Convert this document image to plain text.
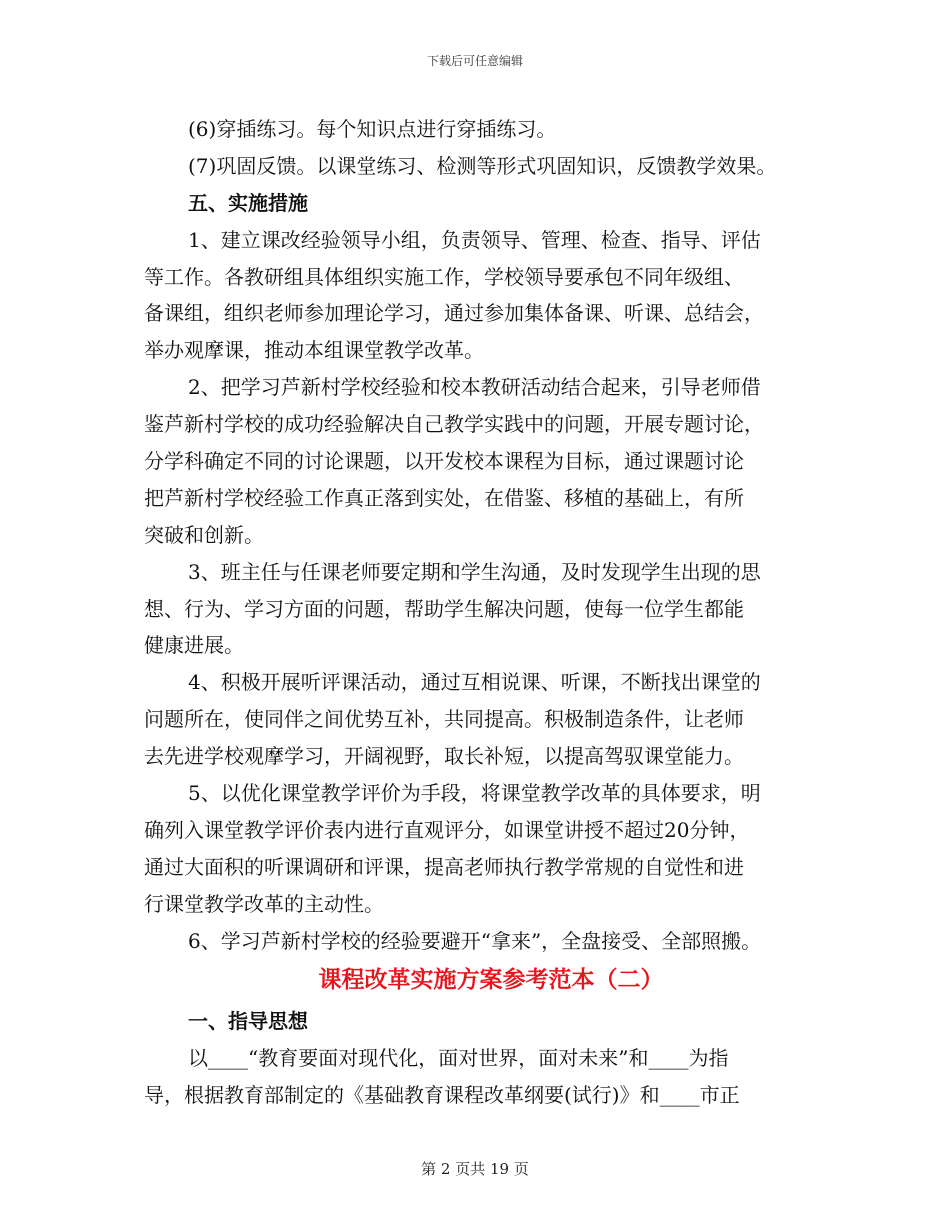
下载后可任意编辑
(6)穿插练习。每个知识点进行穿插练习。
(7)巩固反馈。以课堂练习、检测等形式巩固知识，反馈教学效果。
五、实施措施
1、建立课改经验领导小组，负责领导、管理、检查、指导、评估
等工作。各教研组具体组织实施工作，学校领导要承包不同年级组、
备课组，组织老师参加理论学习，通过参加集体备课、听课、总结会，
举办观摩课，推动本组课堂教学改革。
2、把学习芦新村学校经验和校本教研活动结合起来，引导老师借
鉴芦新村学校的成功经验解决自己教学实践中的问题，开展专题讨论，
分学科确定不同的讨论课题，以开发校本课程为目标，通过课题讨论
把芦新村学校经验工作真正落到实处，在借鉴、移植的基础上，有所
突破和创新。
3、班主任与任课老师要定期和学生沟通，及时发现学生出现的思
想、行为、学习方面的问题，帮助学生解决问题，使每一位学生都能
健康进展。
4、积极开展听评课活动，通过互相说课、听课，不断找出课堂的
问题所在，使同伴之间优势互补，共同提高。积极制造条件，让老师
去先进学校观摩学习，开阔视野，取长补短，以提高驾驭课堂能力。
5、以优化课堂教学评价为手段，将课堂教学改革的具体要求，明
确列入课堂教学评价表内进行直观评分，如课堂讲授不超过20分钟，
通过大面积的听课调研和评课，提高老师执行教学常规的自觉性和进
行课堂教学改革的主动性。
6、学习芦新村学校的经验要避开“拿来”，全盘接受、全部照搬。
课程改革实施方案参考范本（二）
一、指导思想
以____“教育要面对现代化，面对世界，面对未来”和____为指
导，根据教育部制定的《基础教育课程改革纲要(试行)》和____市正
第 2 页共 19 页
